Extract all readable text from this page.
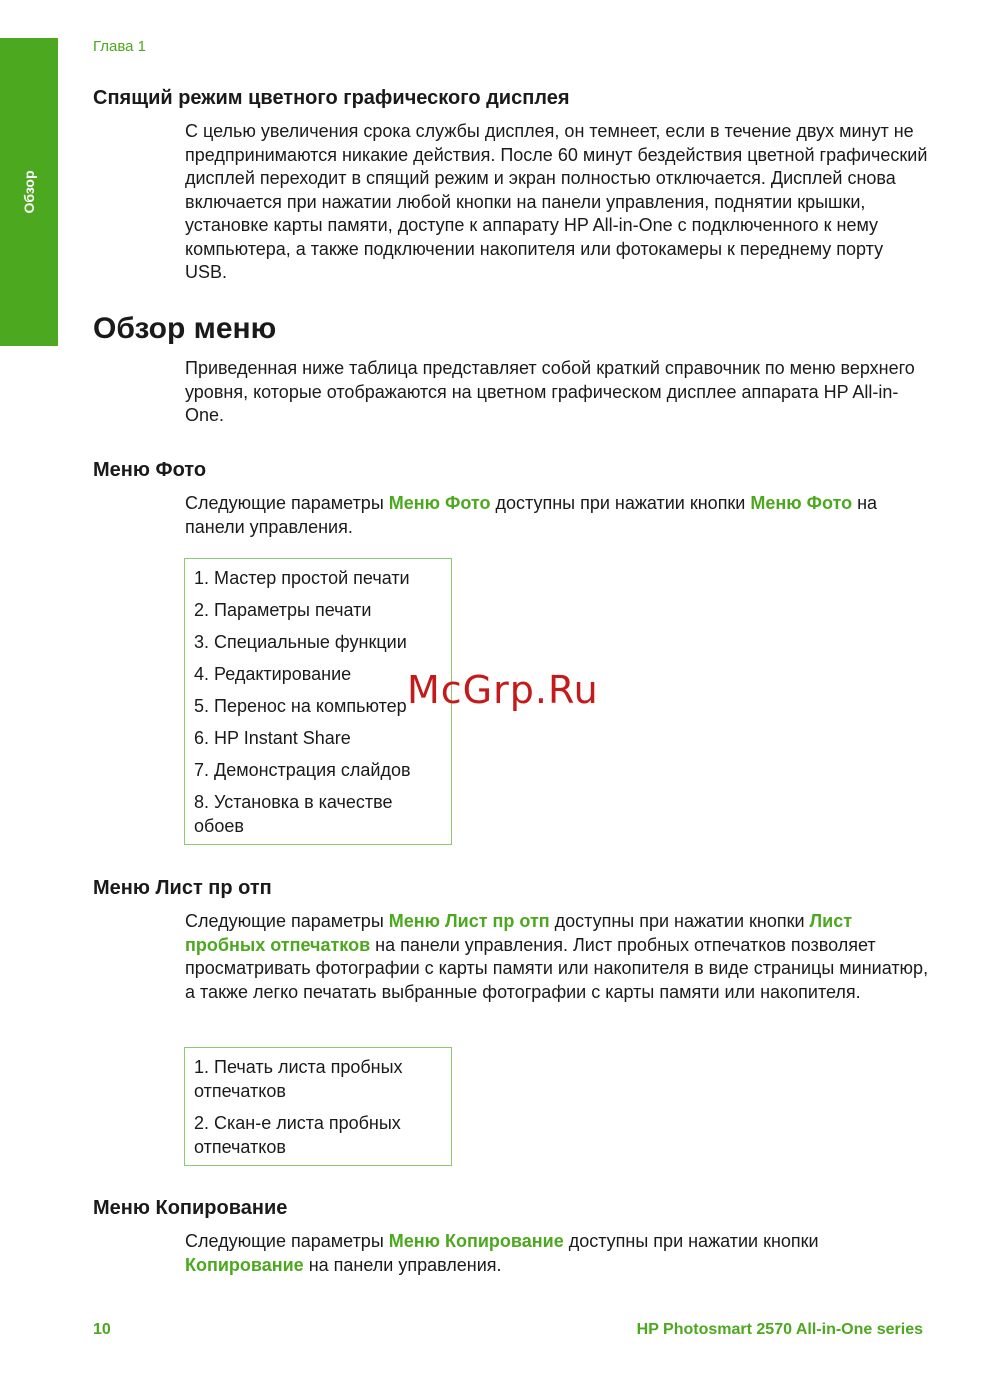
Обзор
Глава 1
Спящий режим цветного графического дисплея

С целью увеличения срока службы дисплея, он темнеет, если в течение двух минут не предпринимаются никакие действия. После 60 минут бездействия цветной графический дисплей переходит в спящий режим и экран полностью отключается. Дисплей снова включается при нажатии любой кнопки на панели управления, поднятии крышки, установке карты памяти, доступе к аппарату HP All-in-One с подключенного к нему компьютера, а также подключении накопителя или фотокамеры к переднему порту USB.

Обзор меню

Приведенная ниже таблица представляет собой краткий справочник по меню верхнего уровня, которые отображаются на цветном графическом дисплее аппарата HP All-in-One.

Меню Фото

Следующие параметры Меню Фото доступны при нажатии кнопки Меню Фото на панели управления.

1. Мастер простой печати
2. Параметры печати
3. Специальные функции
4. Редактирование
5. Перенос на компьютер
6. HP Instant Share
7. Демонстрация слайдов
8. Установка в качестве обоев
McGrp.Ru
Меню Лист пр отп

Следующие параметры Меню Лист пр отп доступны при нажатии кнопки Лист пробных отпечатков на панели управления. Лист пробных отпечатков позволяет просматривать фотографии с карты памяти или накопителя в виде страницы миниатюр, а также легко печатать выбранные фотографии с карты памяти или накопителя.

1. Печать листа пробных отпечатков
2. Скан-е листа пробных отпечатков
Меню Копирование

Следующие параметры Меню Копирование доступны при нажатии кнопки Копирование на панели управления.

10	HP Photosmart 2570 All-in-One series
